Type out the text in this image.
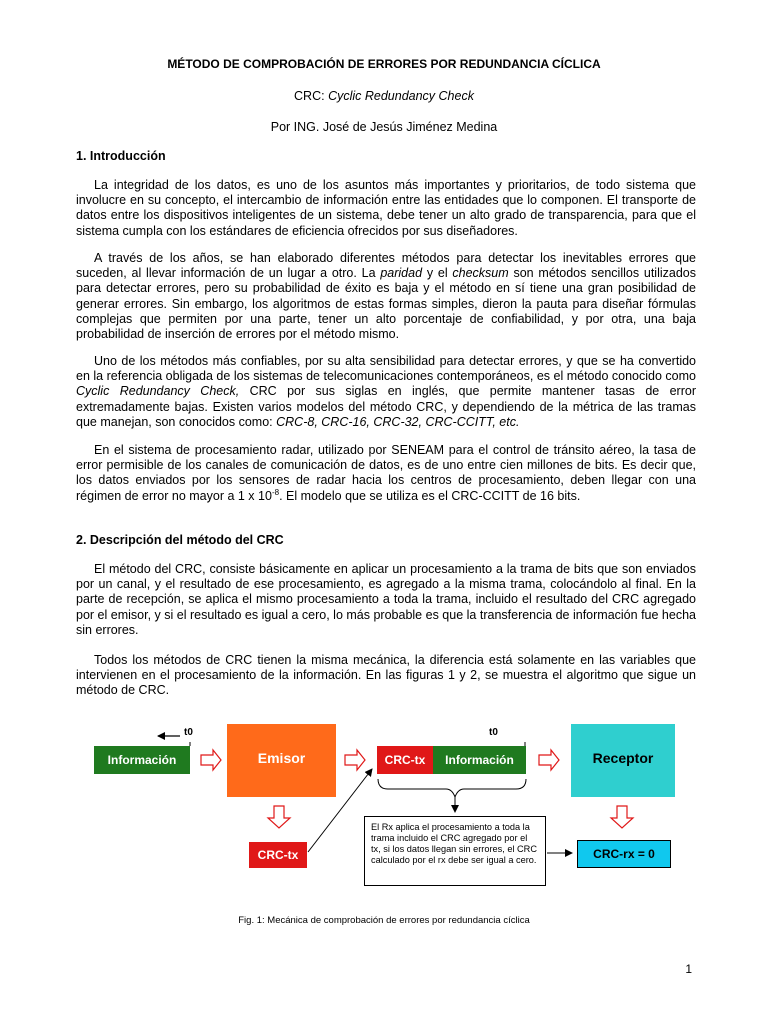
MÉTODO DE COMPROBACIÓN DE ERRORES POR REDUNDANCIA CÍCLICA
CRC: Cyclic Redundancy Check
Por ING. José de Jesús Jiménez Medina
1. Introducción
La integridad de los datos, es uno de los asuntos más importantes y prioritarios, de todo sistema que involucre en su concepto, el intercambio de información entre las entidades que lo componen. El transporte de datos entre los dispositivos inteligentes de un sistema, debe tener un alto grado de transparencia, para que el sistema cumpla con los estándares de eficiencia ofrecidos por sus diseñadores.
A través de los años, se han elaborado diferentes métodos para detectar los inevitables errores que suceden, al llevar información de un lugar a otro. La paridad y el checksum son métodos sencillos utilizados para detectar errores, pero su probabilidad de éxito es baja y el método en sí tiene una gran posibilidad de generar errores. Sin embargo, los algoritmos de estas formas simples, dieron la pauta para diseñar fórmulas complejas que permiten por una parte, tener un alto porcentaje de confiabilidad, y por otra, una baja probabilidad de inserción de errores por el método mismo.
Uno de los métodos más confiables, por su alta sensibilidad para detectar errores, y que se ha convertido en la referencia obligada de los sistemas de telecomunicaciones contemporáneos, es el método conocido como Cyclic Redundancy Check, CRC por sus siglas en inglés, que permite mantener tasas de error extremadamente bajas. Existen varios modelos del método CRC, y dependiendo de la métrica de las tramas que manejan, son conocidos como: CRC-8, CRC-16, CRC-32, CRC-CCITT, etc.
En el sistema de procesamiento radar, utilizado por SENEAM para el control de tránsito aéreo, la tasa de error permisible de los canales de comunicación de datos, es de uno entre cien millones de bits. Es decir que, los datos enviados por los sensores de radar hacia los centros de procesamiento, deben llegar con una régimen de error no mayor a 1 x $10^{-8}$. El modelo que se utiliza es el CRC-CCITT de 16 bits.
2. Descripción del método del CRC
El método del CRC, consiste básicamente en aplicar un procesamiento a la trama de bits que son enviados por un canal, y el resultado de ese procesamiento, es agregado a la misma trama, colocándolo al final. En la parte de recepción, se aplica el mismo procesamiento a toda la trama, incluido el resultado del CRC agregado por el emisor, y si el resultado es igual a cero, lo más probable es que la transferencia de información fue hecha sin errores.
Todos los métodos de CRC tienen la misma mecánica, la diferencia está solamente en las variables que intervienen en el procesamiento de la información. En las figuras 1 y 2, se muestra el algoritmo que sigue un método de CRC.
t0	t0
Información	Emisor	CRC-tx	Información	Receptor
CRC-tx
El Rx aplica el procesamiento a toda la trama incluido el CRC agregado por el tx, si los datos llegan sin errores, el CRC calculado por el rx debe ser igual a cero.	CRC-rx = 0
Fig. 1: Mecánica de comprobación de errores por redundancia cíclica
1
